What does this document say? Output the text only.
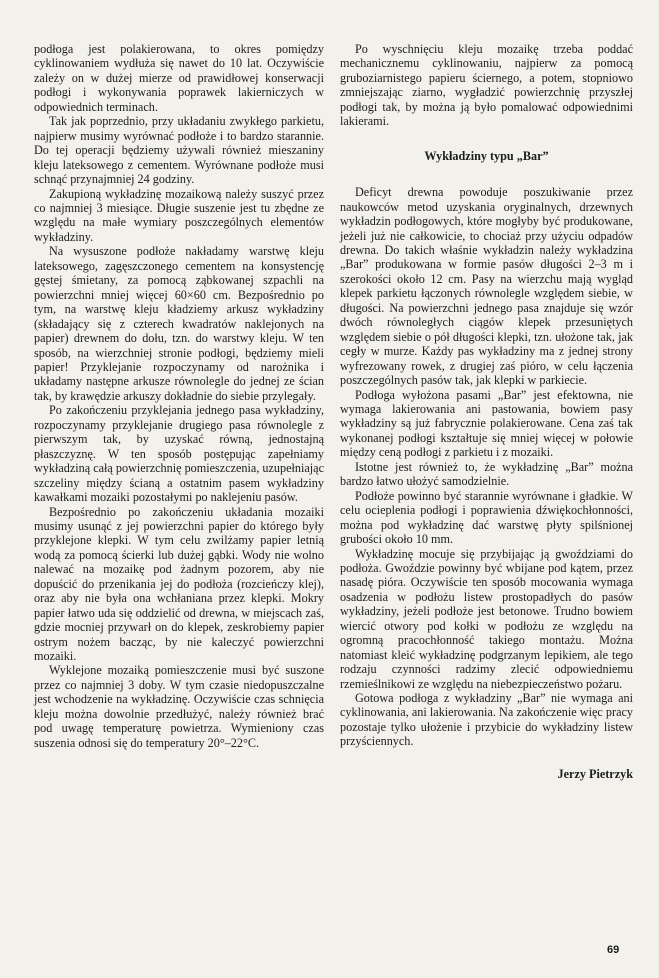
podłoga jest polakierowana, to okres pomiędzy cyklinowaniem wydłuża się nawet do 10 lat. Oczywiście zależy on w dużej mierze od prawidłowej konserwacji podłogi i wykonywania poprawek lakierniczych w odpowiednich terminach.

Tak jak poprzednio, przy układaniu zwykłego parkietu, najpierw musimy wyrównać podłoże i to bardzo starannie. Do tej operacji będziemy używali również mieszaniny kleju lateksowego z cementem. Wyrównane podłoże musi schnąć przynajmniej 24 godziny.

Zakupioną wykładzinę mozaikową należy suszyć przez co najmniej 3 miesiące. Długie suszenie jest tu zbędne ze względu na małe wymiary poszczególnych elementów wykładziny.

Na wysuszone podłoże nakładamy warstwę kleju lateksowego, zagęszczonego cementem na konsystencję gęstej śmietany, za pomocą ząbkowanej szpachli na powierzchni mniej więcej 60×60 cm. Bezpośrednio po tym, na warstwę kleju kładziemy arkusz wykładziny (składający się z czterech kwadratów naklejonych na papier) drewnem do dołu, tzn. do warstwy kleju. W ten sposób, na wierzchniej stronie podłogi, będziemy mieli papier! Przyklejanie rozpoczynamy od narożnika i układamy następne arkusze równolegle do jednej ze ścian tak, by krawędzie arkuszy dokładnie do siebie przylegały.

Po zakończeniu przyklejania jednego pasa wykładziny, rozpoczynamy przyklejanie drugiego pasa równolegle z pierwszym tak, by uzyskać równą, jednostajną płaszczyznę. W ten sposób postępując zapełniamy wykładziną całą powierzchnię pomieszczenia, uzupełniając szczeliny między ścianą a ostatnim pasem wykładziny kawałkami mozaiki pozostałymi po naklejeniu pasów.

Bezpośrednio po zakończeniu układania mozaiki musimy usunąć z jej powierzchni papier do którego były przyklejone klepki. W tym celu zwilżamy papier letnią wodą za pomocą ścierki lub dużej gąbki. Wody nie wolno nalewać na mozaikę pod żadnym pozorem, aby nie dopuścić do przenikania jej do podłoża (rozcieńczy klej), oraz aby nie była ona wchłaniana przez klepki. Mokry papier łatwo uda się oddzielić od drewna, w miejscach zaś, gdzie mocniej przywarł on do klepek, zeskrobiemy papier ostrym nożem bacząc, by nie kaleczyć powierzchni mozaiki.

Wyklejone mozaiką pomieszczenie musi być suszone przez co najmniej 3 doby. W tym czasie niedopuszczalne jest wchodzenie na wykładzinę. Oczywiście czas schnięcia kleju można dowolnie przedłużyć, należy również brać pod uwagę temperaturę powietrza. Wymieniony czas suszenia odnosi się do temperatury 20°–22°C.

Po wyschnięciu kleju mozaikę trzeba poddać mechanicznemu cyklinowaniu, najpierw za pomocą gruboziarnistego papieru ściernego, a potem, stopniowo zmniejszając ziarno, wygładzić powierzchnię przyszłej podłogi tak, by można ją było pomalować odpowiednimi lakierami.

Wykładziny typu „Bar”

Deficyt drewna powoduje poszukiwanie przez naukowców metod uzyskania oryginalnych, drzewnych wykładzin podłogowych, które mogłyby być produkowane, jeżeli już nie całkowicie, to chociaż przy użyciu odpadów drewna. Do takich właśnie wykładzin należy wykładzina „Bar” produkowana w formie pasów długości 2–3 m i szerokości około 12 cm. Pasy na wierzchu mają wygląd klepek parkietu łączonych równolegle względem siebie, w długości. Na powierzchni jednego pasa znajduje się wzór dwóch równoległych ciągów klepek przesuniętych względem siebie o pół długości klepki, tzn. ułożone tak, jak cegły w murze. Każdy pas wykładziny ma z jednej strony wyfrezowany rowek, z drugiej zaś pióro, w celu łączenia poszczególnych pasów tak, jak klepki w parkiecie.

Podłoga wyłożona pasami „Bar” jest efektowna, nie wymaga lakierowania ani pastowania, bowiem pasy wykładziny są już fabrycznie polakierowane. Cena zaś tak wykonanej podłogi kształtuje się mniej więcej w połowie między ceną podłogi z parkietu i z mozaiki.

Istotne jest również to, że wykładzinę „Bar” można bardzo łatwo ułożyć samodzielnie.

Podłoże powinno być starannie wyrównane i gładkie. W celu ocieplenia podłogi i poprawienia dźwiękochłonności, można pod wykładzinę dać warstwę płyty spilśnionej grubości około 10 mm.

Wykładzinę mocuje się przybijając ją gwoździami do podłoża. Gwoździe powinny być wbijane pod kątem, przez nasadę pióra. Oczywiście ten sposób mocowania wymaga osadzenia w podłożu listew prostopadłych do pasów wykładziny, jeżeli podłoże jest betonowe. Trudno bowiem wiercić otwory pod kołki w podłożu ze względu na ogromną pracochłonność takiego montażu. Można natomiast kleić wykładzinę podgrzanym lepikiem, ale tego rodzaju czynności radzimy zlecić odpowiedniemu rzemieślnikowi ze względu na niebezpieczeństwo pożaru.

Gotowa podłoga z wykładziny „Bar” nie wymaga ani cyklinowania, ani lakierowania. Na zakończenie więc pracy pozostaje tylko ułożenie i przybicie do wykładziny listew przyściennych.

Jerzy Pietrzyk
69
